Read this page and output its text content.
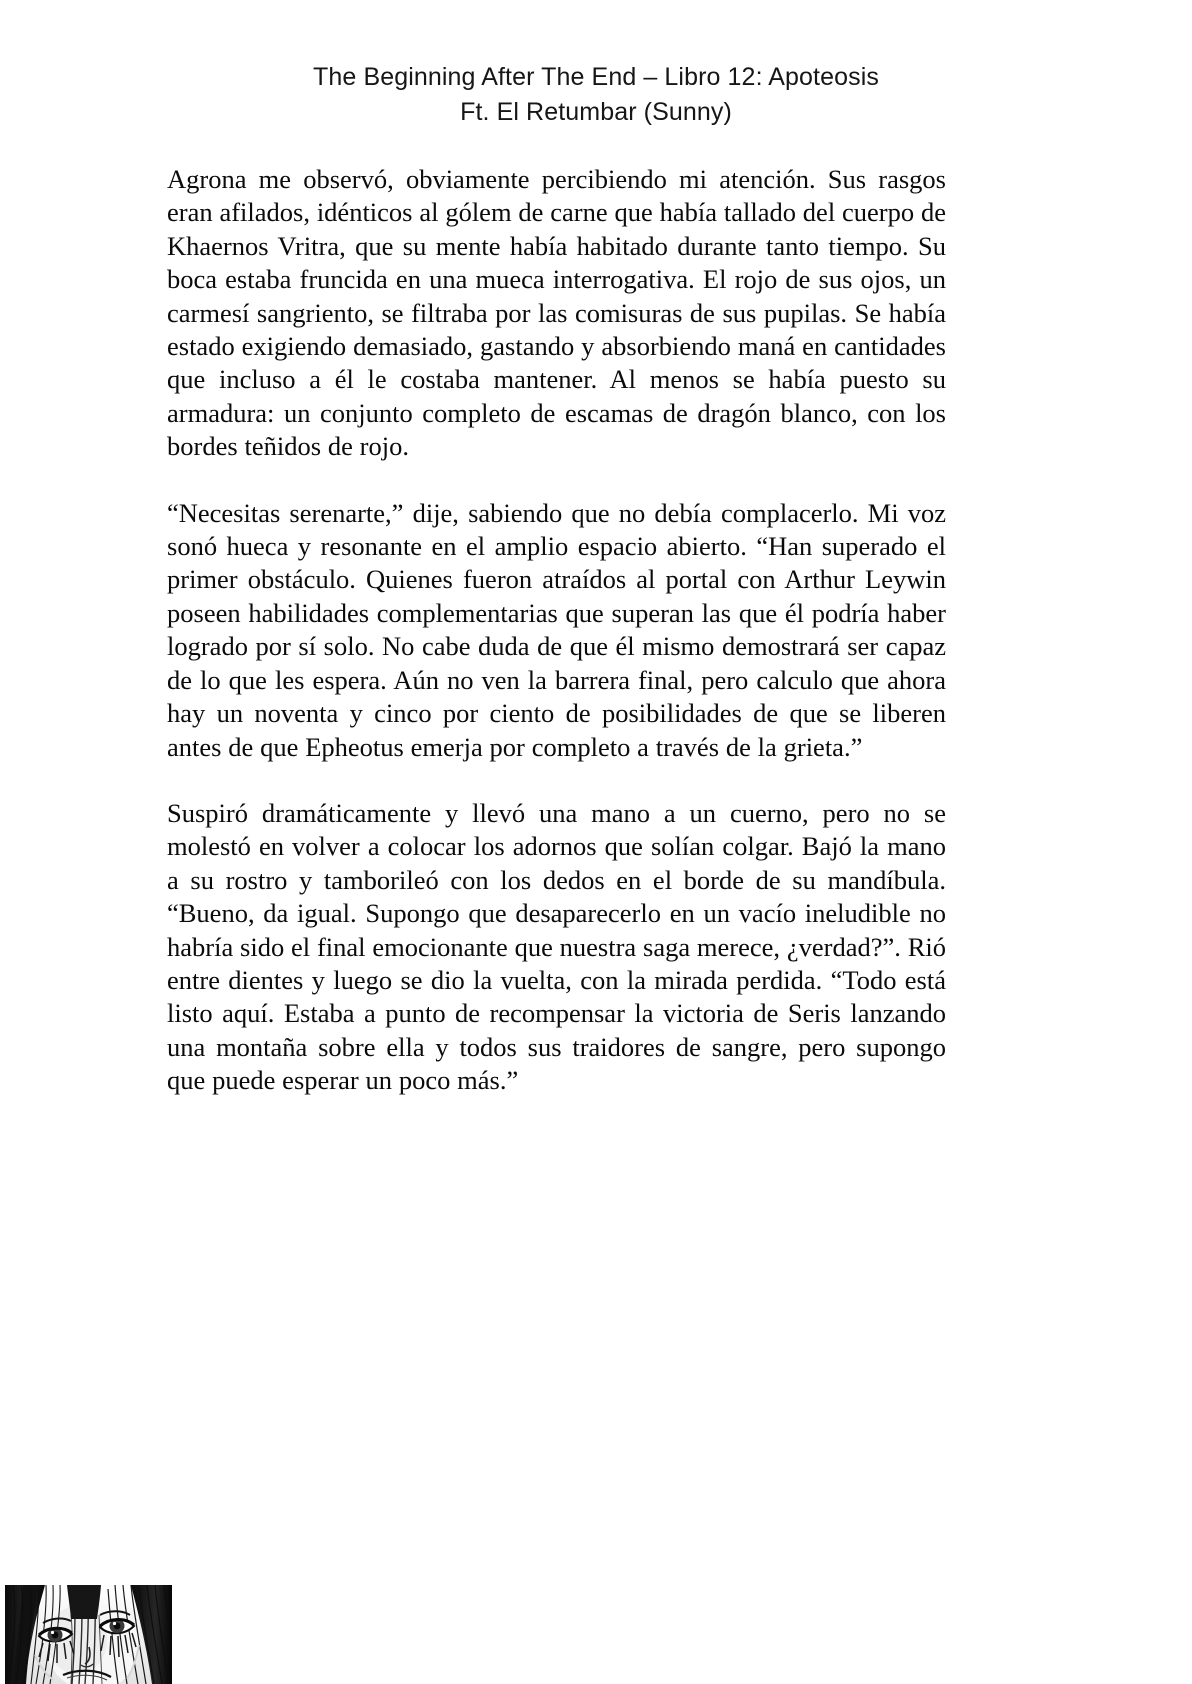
The Beginning After The End – Libro 12: Apoteosis
Ft. El Retumbar (Sunny)

Agrona me observó, obviamente percibiendo mi atención. Sus rasgos eran afilados, idénticos al gólem de carne que había tallado del cuerpo de Khaernos Vritra, que su mente había habitado durante tanto tiempo. Su boca estaba fruncida en una mueca interrogativa. El rojo de sus ojos, un carmesí sangriento, se filtraba por las comisuras de sus pupilas. Se había estado exigiendo demasiado, gastando y absorbiendo maná en cantidades que incluso a él le costaba mantener. Al menos se había puesto su armadura: un conjunto completo de escamas de dragón blanco, con los bordes teñidos de rojo.

“Necesitas serenarte,” dije, sabiendo que no debía complacerlo. Mi voz sonó hueca y resonante en el amplio espacio abierto. “Han superado el primer obstáculo. Quienes fueron atraídos al portal con Arthur Leywin poseen habilidades complementarias que superan las que él podría haber logrado por sí solo. No cabe duda de que él mismo demostrará ser capaz de lo que les espera. Aún no ven la barrera final, pero calculo que ahora hay un noventa y cinco por ciento de posibilidades de que se liberen antes de que Epheotus emerja por completo a través de la grieta.”

Suspiró dramáticamente y llevó una mano a un cuerno, pero no se molestó en volver a colocar los adornos que solían colgar. Bajó la mano a su rostro y tamborileó con los dedos en el borde de su mandíbula. “Bueno, da igual. Supongo que desaparecerlo en un vacío ineludible no habría sido el final emocionante que nuestra saga merece, ¿verdad?”. Rió entre dientes y luego se dio la vuelta, con la mirada perdida. “Todo está listo aquí. Estaba a punto de recompensar la victoria de Seris lanzando una montaña sobre ella y todos sus traidores de sangre, pero supongo que puede esperar un poco más.”
